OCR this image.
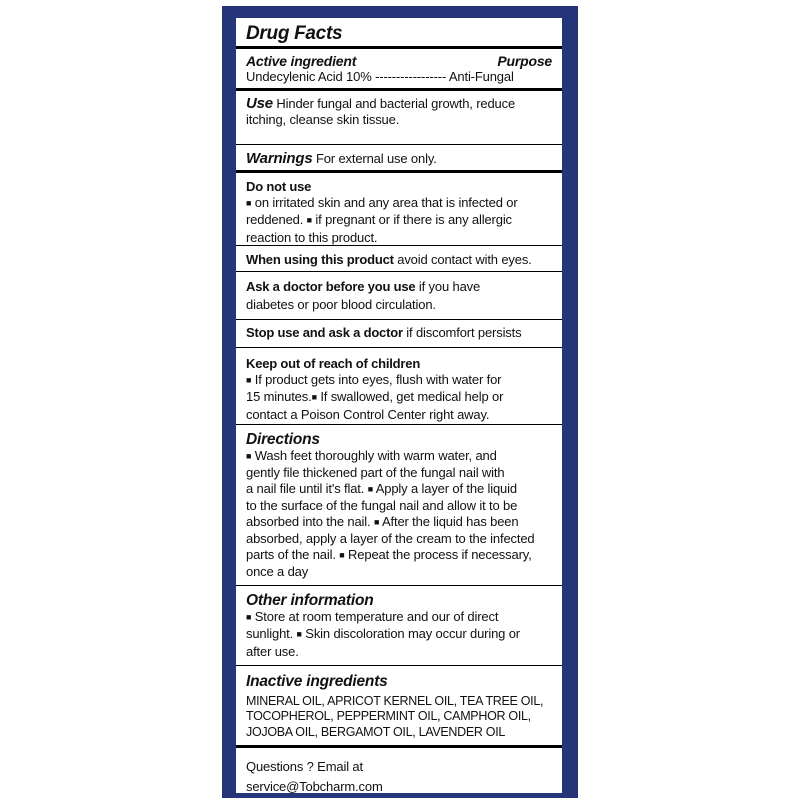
Drug Facts
Active ingredient	Purpose
Undecylenic Acid 10% ----------------- Anti-Fungal
Use Hinder fungal and bacterial growth, reduce
itching, cleanse skin tissue.
Warnings For external use only.
Do not use
■ on irritated skin and any area that is infected or
reddened. ■ if pregnant or if there is any allergic
reaction to this product.
When using this product avoid contact with eyes.
Ask a doctor before you use if you have
diabetes or poor blood circulation.
Stop use and ask a doctor if discomfort persists
Keep out of reach of children
■ If product gets into eyes, flush with water for
15 minutes.■ If swallowed, get medical help or
contact a Poison Control Center right away.
Directions
■ Wash feet thoroughly with warm water, and
gently file thickened part of the fungal nail with
a nail file until it's flat. ■ Apply a layer of the liquid
to the surface of the fungal nail and allow it to be
absorbed into the nail. ■ After the liquid has been
absorbed, apply a layer of the cream to the infected
parts of the nail. ■ Repeat the process if necessary,
once a day
Other information
■ Store at room temperature and our of direct
sunlight. ■ Skin discoloration may occur during or
after use.
Inactive ingredients

MINERAL OIL, APRICOT KERNEL OIL, TEA TREE OIL,
TOCOPHEROL, PEPPERMINT OIL, CAMPHOR OIL,
JOJOBA OIL, BERGAMOT OIL, LAVENDER OIL
Questions ? Email at
service@Tobcharm.com
